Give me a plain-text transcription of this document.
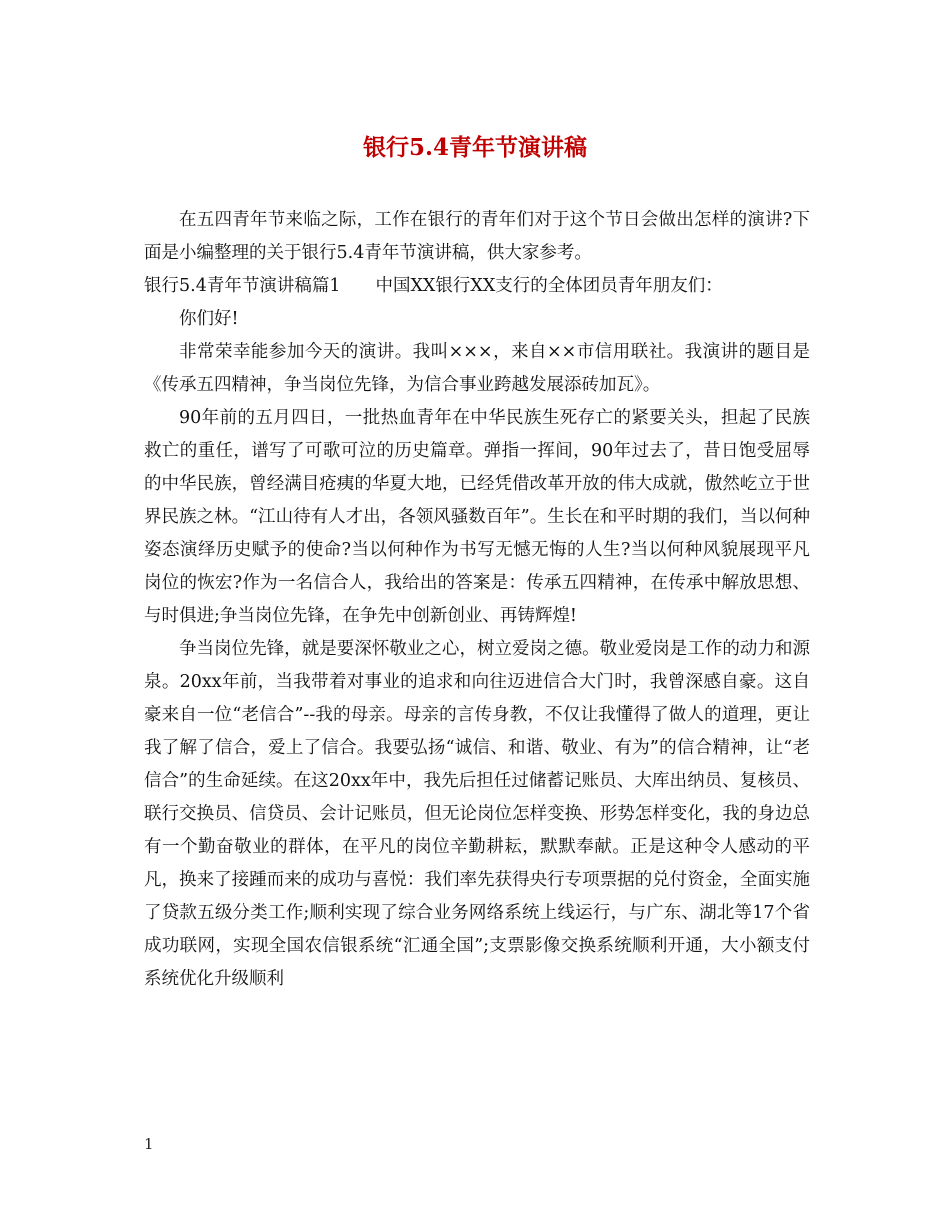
银行5.4青年节演讲稿

在五四青年节来临之际，工作在银行的青年们对于这个节日会做出怎样的演讲?下面是小编整理的关于银行5.4青年节演讲稿，供大家参考。

银行5.4青年节演讲稿篇1　　中国XX银行XX支行的全体团员青年朋友们：

你们好!

非常荣幸能参加今天的演讲。我叫×××，来自××市信用联社。我演讲的题目是《传承五四精神，争当岗位先锋，为信合事业跨越发展添砖加瓦》。

90年前的五月四日，一批热血青年在中华民族生死存亡的紧要关头，担起了民族救亡的重任，谱写了可歌可泣的历史篇章。弹指一挥间，90年过去了，昔日饱受屈辱的中华民族，曾经满目疮痍的华夏大地，已经凭借改革开放的伟大成就，傲然屹立于世界民族之林。“江山待有人才出，各领风骚数百年”。生长在和平时期的我们，当以何种姿态演绎历史赋予的使命?当以何种作为书写无憾无悔的人生?当以何种风貌展现平凡岗位的恢宏?作为一名信合人，我给出的答案是：传承五四精神，在传承中解放思想、与时俱进;争当岗位先锋，在争先中创新创业、再铸辉煌!

争当岗位先锋，就是要深怀敬业之心，树立爱岗之德。敬业爱岗是工作的动力和源泉。20xx年前，当我带着对事业的追求和向往迈进信合大门时，我曾深感自豪。这自豪来自一位“老信合”--我的母亲。母亲的言传身教，不仅让我懂得了做人的道理，更让我了解了信合，爱上了信合。我要弘扬“诚信、和谐、敬业、有为”的信合精神，让“老信合”的生命延续。在这20xx年中，我先后担任过储蓄记账员、大库出纳员、复核员、联行交换员、信贷员、会计记账员，但无论岗位怎样变换、形势怎样变化，我的身边总有一个勤奋敬业的群体，在平凡的岗位辛勤耕耘，默默奉献。正是这种令人感动的平凡，换来了接踵而来的成功与喜悦：我们率先获得央行专项票据的兑付资金，全面实施了贷款五级分类工作;顺利实现了综合业务网络系统上线运行，与广东、湖北等17个省成功联网，实现全国农信银系统“汇通全国”;支票影像交换系统顺利开通，大小额支付系统优化升级顺利

1
